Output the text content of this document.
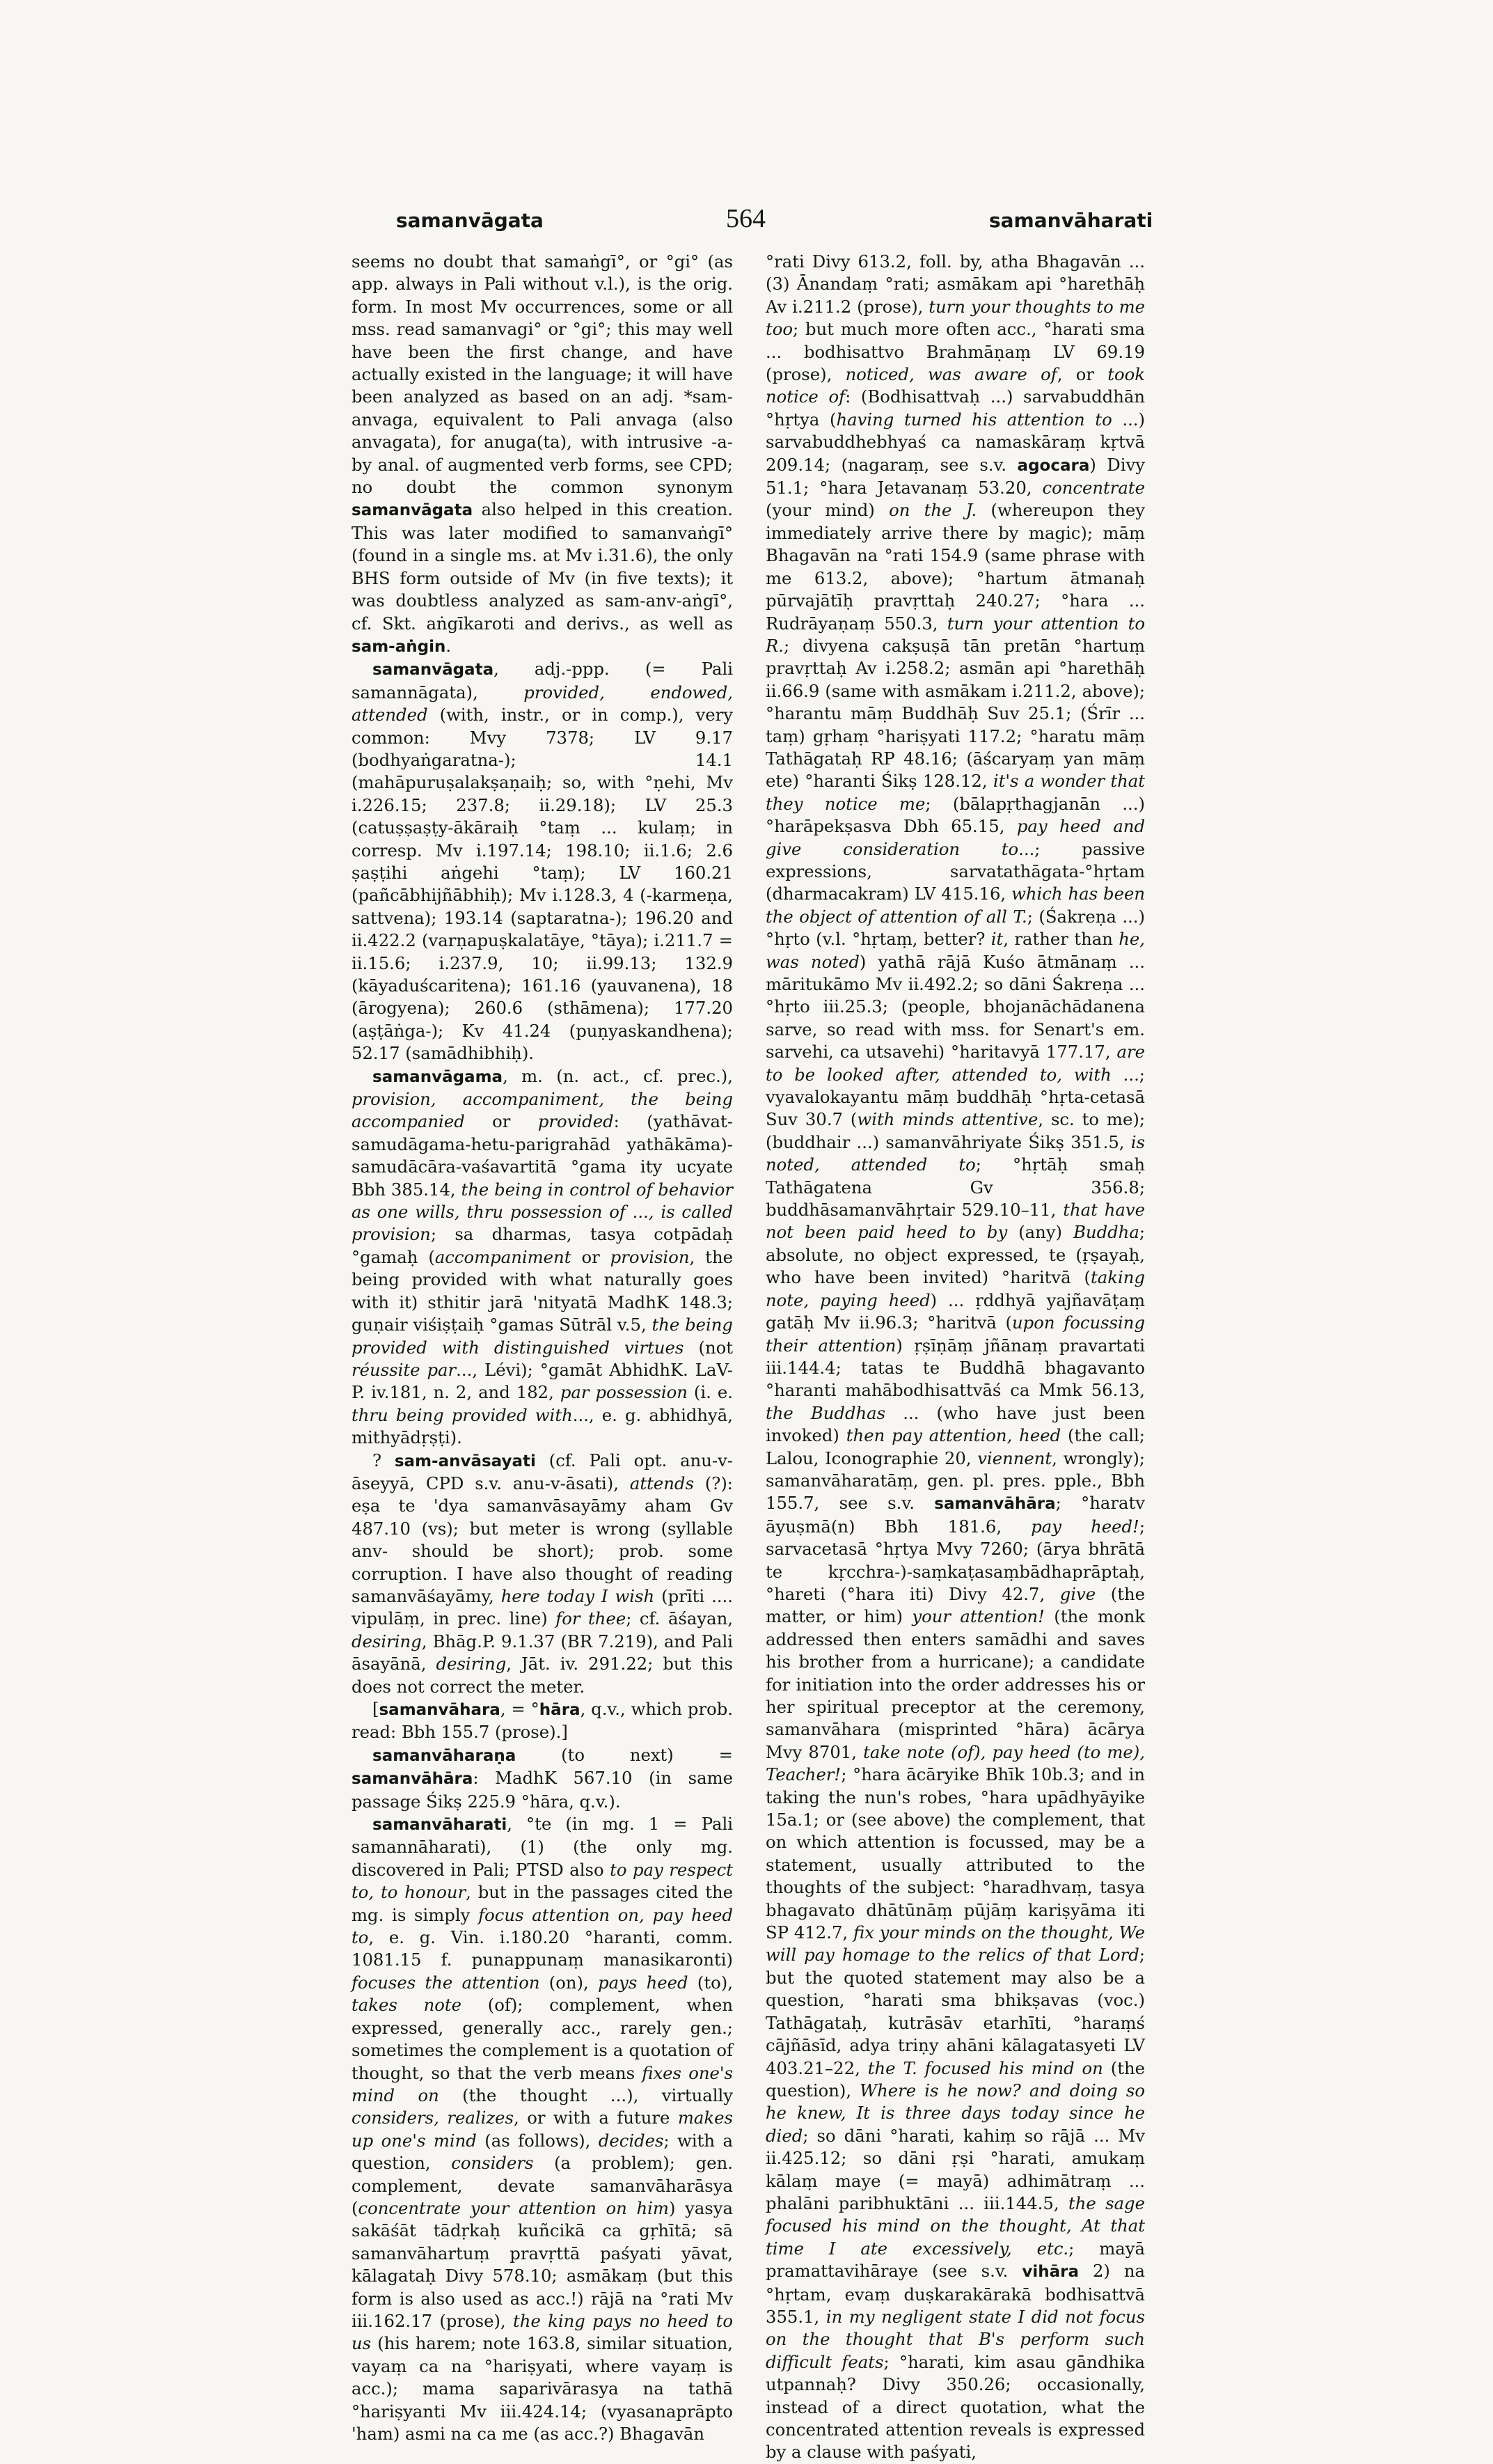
samanvāgata	564	samanvāharati

seems no doubt that samaṅgī°, or °gi° (as app. always in Pali without v.l.), is the orig. form. In most Mv occurrences, some or all mss. read samanvagi° or °gi°; this may well have been the first change, and have actually existed in the language; it will have been analyzed as based on an adj. *sam-anvaga, equivalent to Pali anvaga (also anvagata), for anuga(ta), with intrusive -a- by anal. of augmented verb forms, see CPD; no doubt the common synonym samanvāgata also helped in this creation. This was later modified to samanvaṅgī° (found in a single ms. at Mv i.31.6), the only BHS form outside of Mv (in five texts); it was doubtless analyzed as sam-anv-aṅgī°, cf. Skt. aṅgīkaroti and derivs., as well as sam-aṅgin.

samanvāgata, adj.-ppp. (= Pali samannāgata), provided, endowed, attended (with, instr., or in comp.), very common: Mvy 7378; LV 9.17 (bodhyaṅgaratna-); 14.1 (mahāpuruṣalakṣaṇaiḥ; so, with °ṇehi, Mv i.226.15; 237.8; ii.29.18); LV 25.3 (catuṣṣaṣṭy-ākāraiḥ °taṃ ... kulaṃ; in corresp. Mv i.197.14; 198.10; ii.1.6; 2.6 ṣaṣṭihi aṅgehi °taṃ); LV 160.21 (pañcābhijñābhiḥ); Mv i.128.3, 4 (-karmeṇa, sattvena); 193.14 (saptaratna-); 196.20 and ii.422.2 (varṇapuṣkalatāye, °tāya); i.211.7 = ii.15.6; i.237.9, 10; ii.99.13; 132.9 (kāyaduścaritena); 161.16 (yauvanena), 18 (ārogyena); 260.6 (sthāmena); 177.20 (aṣṭāṅga-); Kv 41.24 (puṇyaskandhena); 52.17 (samādhibhiḥ).

samanvāgama, m. (n. act., cf. prec.), provision, accompaniment, the being accompanied or provided: (yathāvat-samudāgama-hetu-parigrahād yathākāma)-samudācāra-vaśavartitā °gama ity ucyate Bbh 385.14, the being in control of behavior as one wills, thru possession of ..., is called provision; sa dharmas, tasya cotpādaḥ °gamaḥ (accompaniment or provision, the being provided with what naturally goes with it) sthitir jarā 'nityatā MadhK 148.3; guṇair viśiṣṭaiḥ °gamas Sūtrāl v.5, the being provided with distinguished virtues (not réussite par..., Lévi); °gamāt AbhidhK. LaV-P. iv.181, n. 2, and 182, par possession (i. e. thru being provided with..., e. g. abhidhyā, mithyādṛṣṭi).

? sam-anvāsayati (cf. Pali opt. anu-v-āseyyā, CPD s.v. anu-v-āsati), attends (?): eṣa te 'dya samanvāsayāmy aham Gv 487.10 (vs); but meter is wrong (syllable anv- should be short); prob. some corruption. I have also thought of reading samanvāśayāmy, here today I wish (prīti .... vipulāṃ, in prec. line) for thee; cf. āśayan, desiring, Bhāg.P. 9.1.37 (BR 7.219), and Pali āsayānā, desiring, Jāt. iv. 291.22; but this does not correct the meter.

[samanvāhara, = °hāra, q.v., which prob. read: Bbh 155.7 (prose).]

samanvāharaṇa (to next) = samanvāhāra: MadhK 567.10 (in same passage Śikṣ 225.9 °hāra, q.v.).

samanvāharati, °te (in mg. 1 = Pali samannāharati), (1) (the only mg. discovered in Pali; PTSD also to pay respect to, to honour, but in the passages cited the mg. is simply focus attention on, pay heed to, e. g. Vin. i.180.20 °haranti, comm. 1081.15 f. punappunaṃ manasikaronti) focuses the attention (on), pays heed (to), takes note (of); complement, when expressed, generally acc., rarely gen.; sometimes the complement is a quotation of thought, so that the verb means fixes one's mind on (the thought ...), virtually considers, realizes, or with a future makes up one's mind (as follows), decides; with a question, considers (a problem); gen. complement, devate samanvāharāsya (concentrate your attention on him) yasya sakāśāt tādṛkaḥ kuñcikā ca gṛhītā; sā samanvāhartuṃ pravṛttā paśyati yāvat, kālagataḥ Divy 578.10; asmākaṃ (but this form is also used as acc.!) rājā na °rati Mv iii.162.17 (prose), the king pays no heed to us (his harem; note 163.8, similar situation, vayaṃ ca na °hariṣyati, where vayaṃ is acc.); mama saparivārasya na tathā °hariṣyanti Mv iii.424.14; (vyasanaprāpto 'ham) asmi na ca me (as acc.?) Bhagavān

°rati Divy 613.2, foll. by, atha Bhagavān ... (3) Ānandaṃ °rati; asmākam api °harethāḥ Av i.211.2 (prose), turn your thoughts to me too; but much more often acc., °harati sma ... bodhisattvo Brahmāṇaṃ LV 69.19 (prose), noticed, was aware of, or took notice of: (Bodhisattvaḥ ...) sarvabuddhān °hṛtya (having turned his attention to ...) sarvabuddhebhyaś ca namaskāraṃ kṛtvā 209.14; (nagaraṃ, see s.v. agocara) Divy 51.1; °hara Jetavanaṃ 53.20, concentrate (your mind) on the J. (whereupon they immediately arrive there by magic); māṃ Bhagavān na °rati 154.9 (same phrase with me 613.2, above); °hartum ātmanaḥ pūrvajātīḥ pravṛttaḥ 240.27; °hara ... Rudrāyaṇaṃ 550.3, turn your attention to R.; divyena cakṣuṣā tān pretān °hartuṃ pravṛttaḥ Av i.258.2; asmān api °harethāḥ ii.66.9 (same with asmākam i.211.2, above); °harantu māṃ Buddhāḥ Suv 25.1; (Śrīr ... taṃ) gṛhaṃ °hariṣyati 117.2; °haratu māṃ Tathāgataḥ RP 48.16; (āścaryaṃ yan māṃ ete) °haranti Śikṣ 128.12, it's a wonder that they notice me; (bālapṛthagjanān ...) °harāpekṣasva Dbh 65.15, pay heed and give consideration to...; passive expressions, sarvatathāgata-°hṛtam (dharmacakram) LV 415.16, which has been the object of attention of all T.; (Śakreṇa ...) °hṛto (v.l. °hṛtaṃ, better? it, rather than he, was noted) yathā rājā Kuśo ātmānaṃ ... māritukāmo Mv ii.492.2; so dāni Śakreṇa ... °hṛto iii.25.3; (people, bhojanāchādanena sarve, so read with mss. for Senart's em. sarvehi, ca utsavehi) °haritavyā 177.17, are to be looked after, attended to, with ...; vyavalokayantu māṃ buddhāḥ °hṛta-cetasā Suv 30.7 (with minds attentive, sc. to me); (buddhair ...) samanvāhriyate Śikṣ 351.5, is noted, attended to; °hṛtāḥ smaḥ Tathāgatena Gv 356.8; buddhāsamanvāhṛtair 529.10–11, that have not been paid heed to by (any) Buddha; absolute, no object expressed, te (ṛṣayaḥ, who have been invited) °haritvā (taking note, paying heed) ... ṛddhyā yajñavāṭaṃ gatāḥ Mv ii.96.3; °haritvā (upon focussing their attention) ṛṣīṇāṃ jñānaṃ pravartati iii.144.4; tatas te Buddhā bhagavanto °haranti mahābodhisattvāś ca Mmk 56.13, the Buddhas ... (who have just been invoked) then pay attention, heed (the call; Lalou, Iconographie 20, viennent, wrongly); samanvāharatāṃ, gen. pl. pres. pple., Bbh 155.7, see s.v. samanvāhāra; °haratv āyuṣmā(n) Bbh 181.6, pay heed!; sarvacetasā °hṛtya Mvy 7260; (ārya bhrātā te kṛcchra-)-saṃkaṭasaṃbādhaprāptaḥ, °hareti (°hara iti) Divy 42.7, give (the matter, or him) your attention! (the monk addressed then enters samādhi and saves his brother from a hurricane); a candidate for initiation into the order addresses his or her spiritual preceptor at the ceremony, samanvāhara (misprinted °hāra) ācārya Mvy 8701, take note (of), pay heed (to me), Teacher!; °hara ācāryike Bhīk 10b.3; and in taking the nun's robes, °hara upādhyāyike 15a.1; or (see above) the complement, that on which attention is focussed, may be a statement, usually attributed to the thoughts of the subject: °haradhvaṃ, tasya bhagavato dhātūnāṃ pūjāṃ kariṣyāma iti SP 412.7, fix your minds on the thought, We will pay homage to the relics of that Lord; but the quoted statement may also be a question, °harati sma bhikṣavas (voc.) Tathāgataḥ, kutrāsāv etarhīti, °haraṃś cājñāsīd, adya triṇy ahāni kālagatasyeti LV 403.21–22, the T. focused his mind on (the question), Where is he now? and doing so he knew, It is three days today since he died; so dāni °harati, kahiṃ so rājā ... Mv ii.425.12; so dāni ṛṣi °harati, amukaṃ kālaṃ maye (= mayā) adhimātraṃ ... phalāni paribhuktāni ... iii.144.5, the sage focused his mind on the thought, At that time I ate excessively, etc.; mayā pramattavihāraye (see s.v. vihāra 2) na °hṛtam, evaṃ duṣkarakārakā bodhisattvā 355.1, in my negligent state I did not focus on the thought that B's perform such difficult feats; °harati, kim asau gāndhika utpannaḥ? Divy 350.26; occasionally, instead of a direct quotation, what the concentrated attention reveals is expressed by a clause with paśyati,
